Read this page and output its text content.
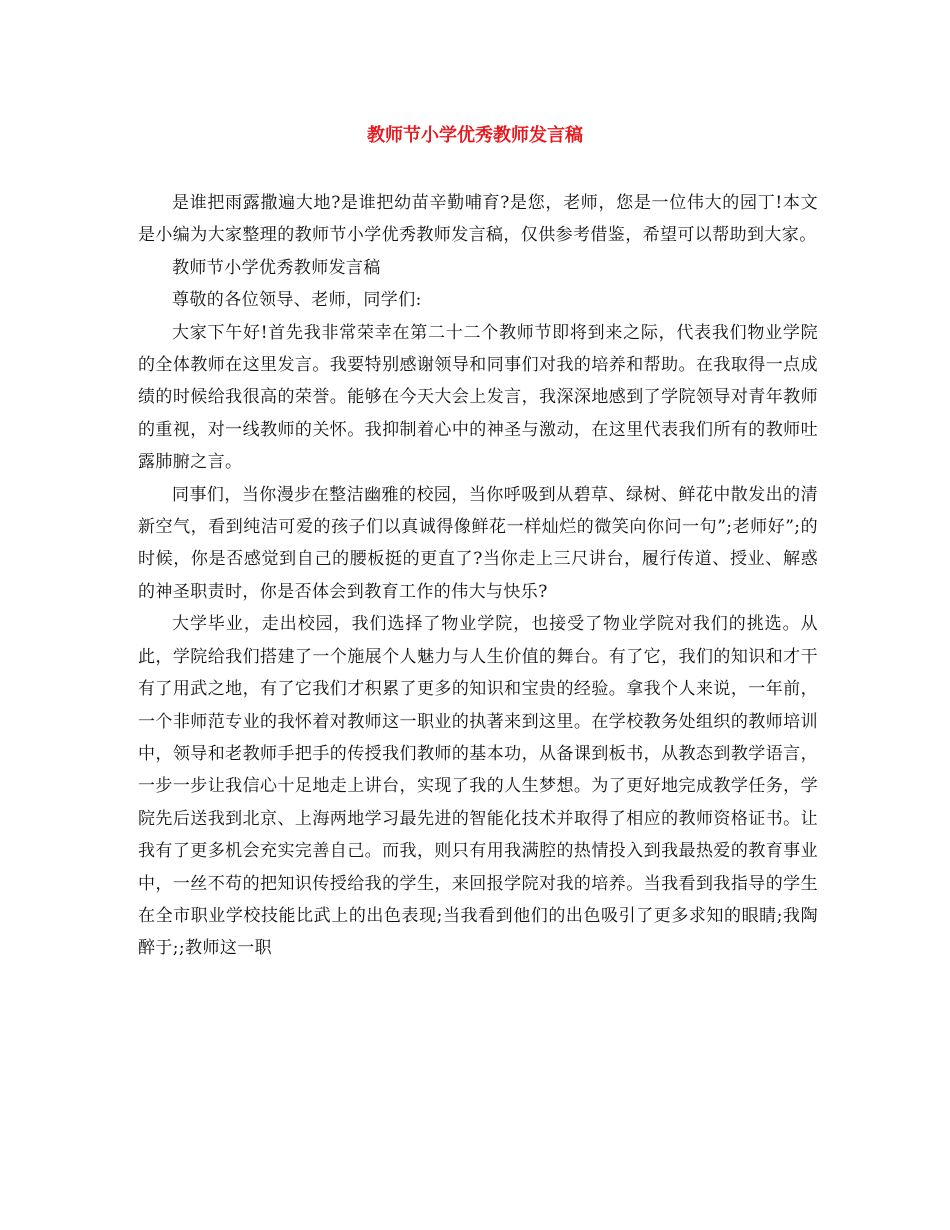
教师节小学优秀教师发言稿

是谁把雨露撒遍大地?是谁把幼苗辛勤哺育?是您，老师，您是一位伟大的园丁!本文是小编为大家整理的教师节小学优秀教师发言稿，仅供参考借鉴，希望可以帮助到大家。

教师节小学优秀教师发言稿

尊敬的各位领导、老师，同学们:

大家下午好!首先我非常荣幸在第二十二个教师节即将到来之际，代表我们物业学院的全体教师在这里发言。我要特别感谢领导和同事们对我的培养和帮助。在我取得一点成绩的时候给我很高的荣誉。能够在今天大会上发言，我深深地感到了学院领导对青年教师的重视，对一线教师的关怀。我抑制着心中的神圣与激动，在这里代表我们所有的教师吐露肺腑之言。

同事们，当你漫步在整洁幽雅的校园，当你呼吸到从碧草、绿树、鲜花中散发出的清新空气，看到纯洁可爱的孩子们以真诚得像鲜花一样灿烂的微笑向你问一句”;老师好”;的时候，你是否感觉到自己的腰板挺的更直了?当你走上三尺讲台，履行传道、授业、解惑的神圣职责时，你是否体会到教育工作的伟大与快乐?

大学毕业，走出校园，我们选择了物业学院，也接受了物业学院对我们的挑选。从此，学院给我们搭建了一个施展个人魅力与人生价值的舞台。有了它，我们的知识和才干有了用武之地，有了它我们才积累了更多的知识和宝贵的经验。拿我个人来说，一年前，一个非师范专业的我怀着对教师这一职业的执著来到这里。在学校教务处组织的教师培训中，领导和老教师手把手的传授我们教师的基本功，从备课到板书，从教态到教学语言，一步一步让我信心十足地走上讲台，实现了我的人生梦想。为了更好地完成教学任务，学院先后送我到北京、上海两地学习最先进的智能化技术并取得了相应的教师资格证书。让我有了更多机会充实完善自己。而我，则只有用我满腔的热情投入到我最热爱的教育事业中，一丝不苟的把知识传授给我的学生，来回报学院对我的培养。当我看到我指导的学生在全市职业学校技能比武上的出色表现;当我看到他们的出色吸引了更多求知的眼睛;我陶醉于;;教师这一职
